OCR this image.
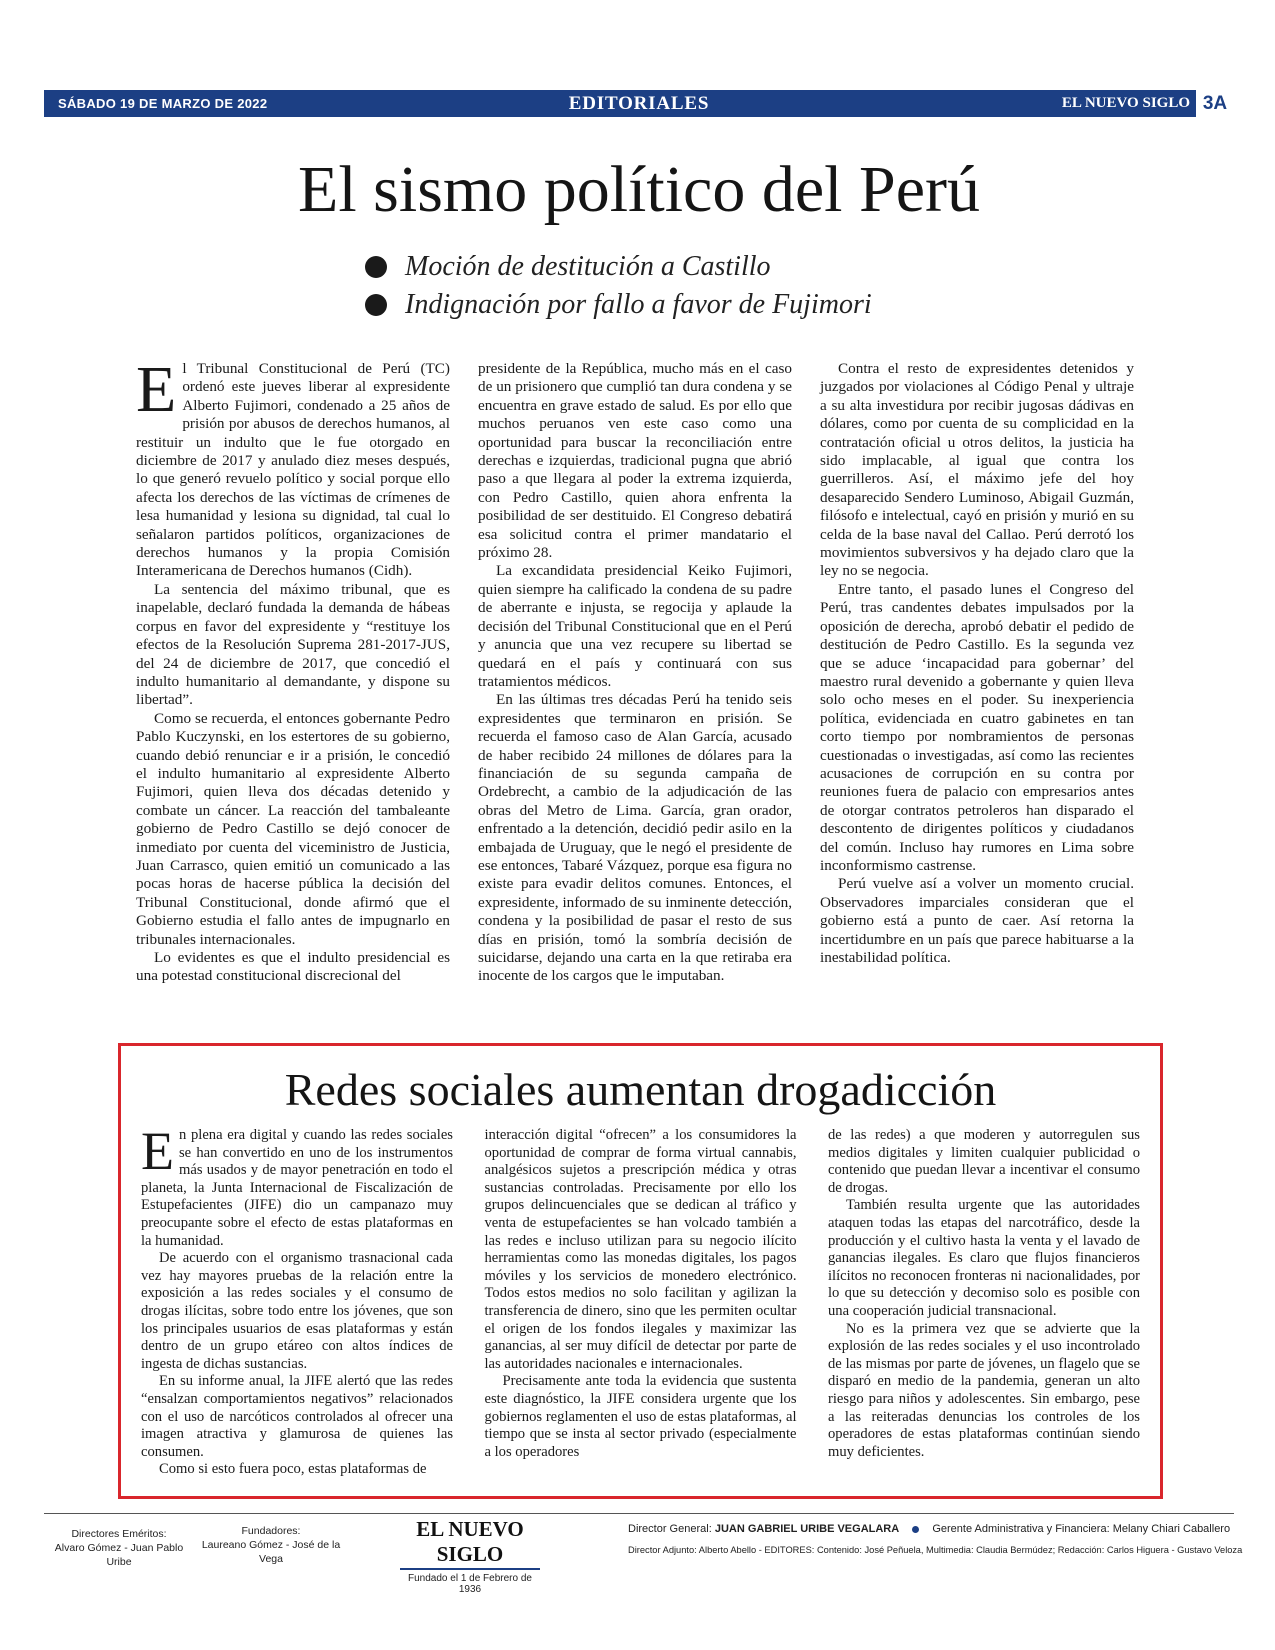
SÁBADO 19 DE MARZO DE 2022	EDITORIALES	EL NUEVO SIGLO 3A
El sismo político del Perú
Moción de destitución a Castillo
Indignación por fallo a favor de Fujimori
E l Tribunal Constitucional de Perú (TC) ordenó este jueves liberar al expresidente Alberto Fujimori, condenado a 25 años de prisión por abusos de derechos humanos, al restituir un indulto que le fue otorgado en diciembre de 2017 y anulado diez meses después, lo que generó revuelo político y social porque ello afecta los derechos de las víctimas de crímenes de lesa humanidad y lesiona su dignidad, tal cual lo señalaron partidos políticos, organizaciones de derechos humanos y la propia Comisión Interamericana de Derechos humanos (Cidh).

La sentencia del máximo tribunal, que es inapelable, declaró fundada la demanda de hábeas corpus en favor del expresidente y “restituye los efectos de la Resolución Suprema 281-2017-JUS, del 24 de diciembre de 2017, que concedió el indulto humanitario al demandante, y dispone su libertad”.

Como se recuerda, el entonces gobernante Pedro Pablo Kuczynski, en los estertores de su gobierno, cuando debió renunciar e ir a prisión, le concedió el indulto humanitario al expresidente Alberto Fujimori, quien lleva dos décadas detenido y combate un cáncer. La reacción del tambaleante gobierno de Pedro Castillo se dejó conocer de inmediato por cuenta del viceministro de Justicia, Juan Carrasco, quien emitió un comunicado a las pocas horas de hacerse pública la decisión del Tribunal Constitucional, donde afirmó que el Gobierno estudia el fallo antes de impugnarlo en tribunales internacionales.

Lo evidentes es que el indulto presidencial es una potestad constitucional discrecional del

presidente de la República, mucho más en el caso de un prisionero que cumplió tan dura condena y se encuentra en grave estado de salud. Es por ello que muchos peruanos ven este caso como una oportunidad para buscar la reconciliación entre derechas e izquierdas, tradicional pugna que abrió paso a que llegara al poder la extrema izquierda, con Pedro Castillo, quien ahora enfrenta la posibilidad de ser destituido. El Congreso debatirá esa solicitud contra el primer mandatario el próximo 28.

La excandidata presidencial Keiko Fujimori, quien siempre ha calificado la condena de su padre de aberrante e injusta, se regocija y aplaude la decisión del Tribunal Constitucional que en el Perú y anuncia que una vez recupere su libertad se quedará en el país y continuará con sus tratamientos médicos.

En las últimas tres décadas Perú ha tenido seis expresidentes que terminaron en prisión. Se recuerda el famoso caso de Alan García, acusado de haber recibido 24 millones de dólares para la financiación de su segunda campaña de Ordebrecht, a cambio de la adjudicación de las obras del Metro de Lima. García, gran orador, enfrentado a la detención, decidió pedir asilo en la embajada de Uruguay, que le negó el presidente de ese entonces, Tabaré Vázquez, porque esa figura no existe para evadir delitos comunes. Entonces, el expresidente, informado de su inminente detección, condena y la posibilidad de pasar el resto de sus días en prisión, tomó la sombría decisión de suicidarse, dejando una carta en la que retiraba era inocente de los cargos que le imputaban.

Contra el resto de expresidentes detenidos y juzgados por violaciones al Código Penal y ultraje a su alta investidura por recibir jugosas dádivas en dólares, como por cuenta de su complicidad en la contratación oficial u otros delitos, la justicia ha sido implacable, al igual que contra los guerrilleros. Así, el máximo jefe del hoy desaparecido Sendero Luminoso, Abigail Guzmán, filósofo e intelectual, cayó en prisión y murió en su celda de la base naval del Callao. Perú derrotó los movimientos subversivos y ha dejado claro que la ley no se negocia.

Entre tanto, el pasado lunes el Congreso del Perú, tras candentes debates impulsados por la oposición de derecha, aprobó debatir el pedido de destitución de Pedro Castillo. Es la segunda vez que se aduce ‘incapacidad para gobernar’ del maestro rural devenido a gobernante y quien lleva solo ocho meses en el poder. Su inexperiencia política, evidenciada en cuatro gabinetes en tan corto tiempo por nombramientos de personas cuestionadas o investigadas, así como las recientes acusaciones de corrupción en su contra por reuniones fuera de palacio con empresarios antes de otorgar contratos petroleros han disparado el descontento de dirigentes políticos y ciudadanos del común. Incluso hay rumores en Lima sobre inconformismo castrense.

Perú vuelve así a volver un momento crucial. Observadores imparciales consideran que el gobierno está a punto de caer. Así retorna la incertidumbre en un país que parece habituarse a la inestabilidad política.

Redes sociales aumentan drogadicción
E n plena era digital y cuando las redes sociales se han convertido en uno de los instrumentos más usados y de mayor penetración en todo el planeta, la Junta Internacional de Fiscalización de Estupefacientes (JIFE) dio un campanazo muy preocupante sobre el efecto de estas plataformas en la humanidad.

De acuerdo con el organismo trasnacional cada vez hay mayores pruebas de la relación entre la exposición a las redes sociales y el consumo de drogas ilícitas, sobre todo entre los jóvenes, que son los principales usuarios de esas plataformas y están dentro de un grupo etáreo con altos índices de ingesta de dichas sustancias.

En su informe anual, la JIFE alertó que las redes “ensalzan comportamientos negativos” relacionados con el uso de narcóticos controlados al ofrecer una imagen atractiva y glamurosa de quienes las consumen.

Como si esto fuera poco, estas plataformas de

interacción digital “ofrecen” a los consumidores la oportunidad de comprar de forma virtual cannabis, analgésicos sujetos a prescripción médica y otras sustancias controladas. Precisamente por ello los grupos delincuenciales que se dedican al tráfico y venta de estupefacientes se han volcado también a las redes e incluso utilizan para su negocio ilícito herramientas como las monedas digitales, los pagos móviles y los servicios de monedero electrónico. Todos estos medios no solo facilitan y agilizan la transferencia de dinero, sino que les permiten ocultar el origen de los fondos ilegales y maximizar las ganancias, al ser muy difícil de detectar por parte de las autoridades nacionales e internacionales.

Precisamente ante toda la evidencia que sustenta este diagnóstico, la JIFE considera urgente que los gobiernos reglamenten el uso de estas plataformas, al tiempo que se insta al sector privado (especialmente a los operadores

de las redes) a que moderen y autorregulen sus medios digitales y limiten cualquier publicidad o contenido que puedan llevar a incentivar el consumo de drogas.

También resulta urgente que las autoridades ataquen todas las etapas del narcotráfico, desde la producción y el cultivo hasta la venta y el lavado de ganancias ilegales. Es claro que flujos financieros ilícitos no reconocen fronteras ni nacionalidades, por lo que su detección y decomiso solo es posible con una cooperación judicial transnacional.

No es la primera vez que se advierte que la explosión de las redes sociales y el uso incontrolado de las mismas por parte de jóvenes, un flagelo que se disparó en medio de la pandemia, generan un alto riesgo para niños y adolescentes. Sin embargo, pese a las reiteradas denuncias los controles de los operadores de estas plataformas continúan siendo muy deficientes.

Directores Eméritos:
Alvaro Gómez - Juan Pablo Uribe
Fundadores:
Laureano Gómez - José de la Vega
EL NUEVO SIGLO
Fundado el 1 de Febrero de 1936
Director General: JUAN GABRIEL URIBE VEGALARA	Gerente Administrativa y Financiera: Melany Chiari Caballero
Director Adjunto: Alberto Abello - EDITORES: Contenido: José Peñuela, Multimedia: Claudia Bermúdez; Redacción: Carlos Higuera - Gustavo Veloza
